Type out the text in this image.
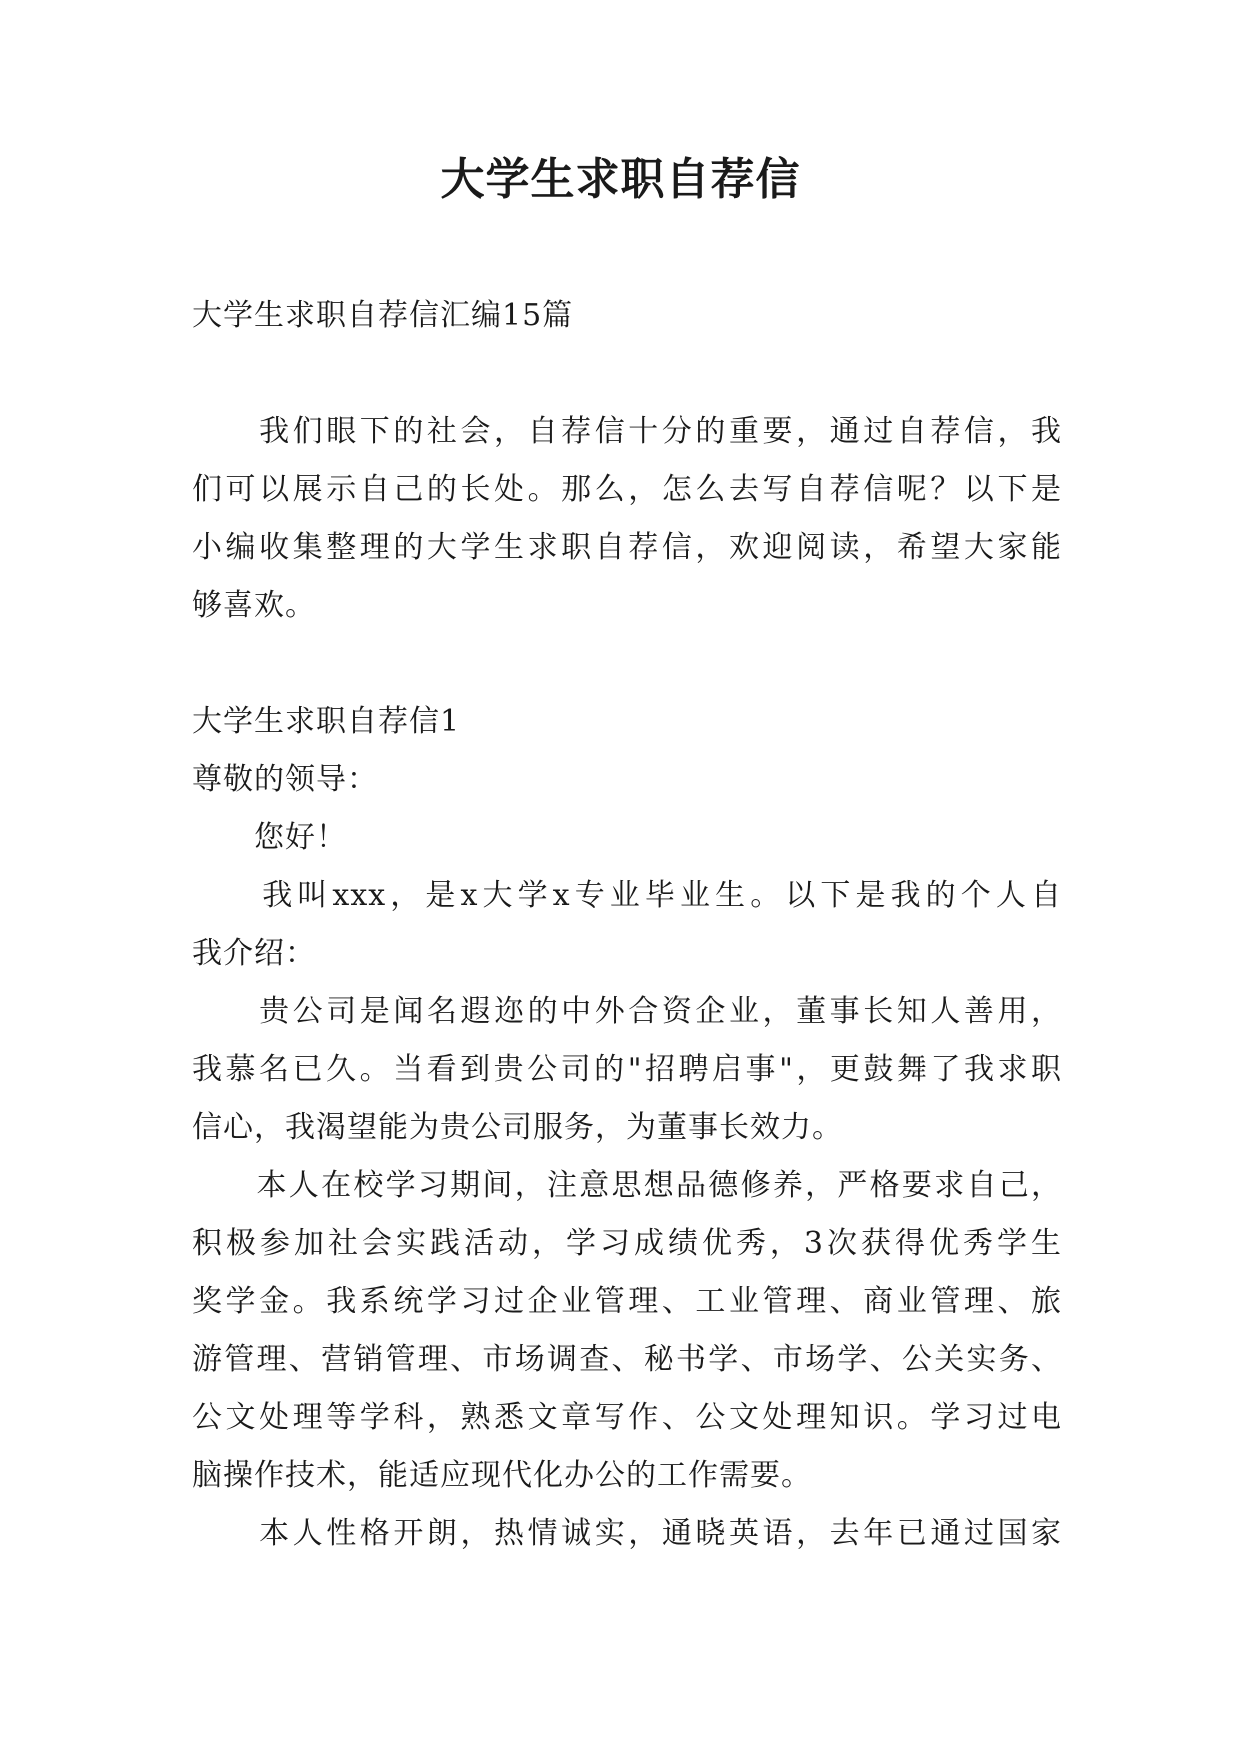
大学生求职自荐信
大学生求职自荐信汇编15篇
　　我们眼下的社会，自荐信十分的重要，通过自荐信，我
们可以展示自己的长处。那么，怎么去写自荐信呢？以下是
小编收集整理的大学生求职自荐信，欢迎阅读，希望大家能
够喜欢。
大学生求职自荐信1
尊敬的领导：
　　您好！
　　我叫xxx，是x大学x专业毕业生。以下是我的个人自
我介绍：
　　贵公司是闻名遐迩的中外合资企业，董事长知人善用，
我慕名已久。当看到贵公司的"招聘启事"，更鼓舞了我求职
信心，我渴望能为贵公司服务，为董事长效力。
　　本人在校学习期间，注意思想品德修养，严格要求自己，
积极参加社会实践活动，学习成绩优秀，3次获得优秀学生
奖学金。我系统学习过企业管理、工业管理、商业管理、旅
游管理、营销管理、市场调查、秘书学、市场学、公关实务、
公文处理等学科，熟悉文章写作、公文处理知识。学习过电
脑操作技术，能适应现代化办公的工作需要。
　　本人性格开朗，热情诚实，通晓英语，去年已通过国家
